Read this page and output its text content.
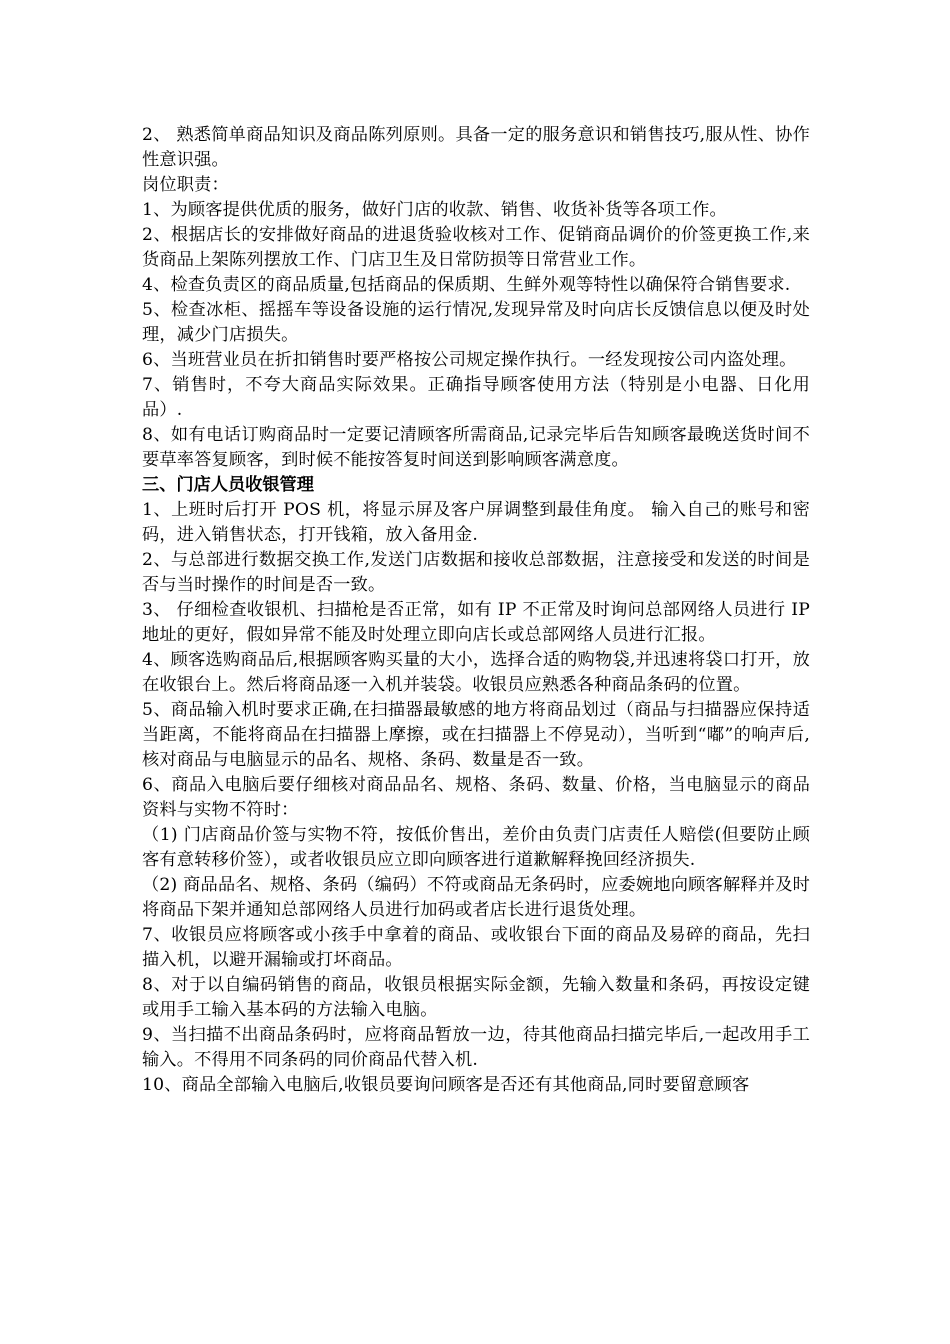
2、 熟悉简单商品知识及商品陈列原则。具备一定的服务意识和销售技巧,服从性、协作性意识强。

岗位职责：

1、为顾客提供优质的服务，做好门店的收款、销售、收货补货等各项工作。

2、根据店长的安排做好商品的进退货验收核对工作、促销商品调价的价签更换工作,来货商品上架陈列摆放工作、门店卫生及日常防损等日常营业工作。

4、检查负责区的商品质量,包括商品的保质期、生鲜外观等特性以确保符合销售要求.

5、检查冰柜、摇摇车等设备设施的运行情况,发现异常及时向店长反馈信息以便及时处理，减少门店损失。

6、当班营业员在折扣销售时要严格按公司规定操作执行。一经发现按公司内盗处理。

7、销售时，不夸大商品实际效果。正确指导顾客使用方法（特别是小电器、日化用品）.

8、如有电话订购商品时一定要记清顾客所需商品,记录完毕后告知顾客最晚送货时间不要草率答复顾客，到时候不能按答复时间送到影响顾客满意度。

三、门店人员收银管理

1、上班时后打开 POS 机，将显示屏及客户屏调整到最佳角度。 输入自己的账号和密码，进入销售状态，打开钱箱，放入备用金.

2、与总部进行数据交换工作,发送门店数据和接收总部数据，注意接受和发送的时间是否与当时操作的时间是否一致。

3、 仔细检查收银机、扫描枪是否正常，如有 IP 不正常及时询问总部网络人员进行 IP 地址的更好，假如异常不能及时处理立即向店长或总部网络人员进行汇报。

4、顾客选购商品后,根据顾客购买量的大小，选择合适的购物袋,并迅速将袋口打开，放在收银台上。然后将商品逐一入机并装袋。收银员应熟悉各种商品条码的位置。

5、商品输入机时要求正确,在扫描器最敏感的地方将商品划过（商品与扫描器应保持适当距离，不能将商品在扫描器上摩擦，或在扫描器上不停晃动），当听到“嘟”的响声后,核对商品与电脑显示的品名、规格、条码、数量是否一致。

6、商品入电脑后要仔细核对商品品名、规格、条码、数量、价格，当电脑显示的商品资料与实物不符时：

（1) 门店商品价签与实物不符，按低价售出，差价由负责门店责任人赔偿(但要防止顾客有意转移价签），或者收银员应立即向顾客进行道歉解释挽回经济损失.

（2) 商品品名、规格、条码（编码）不符或商品无条码时，应委婉地向顾客解释并及时将商品下架并通知总部网络人员进行加码或者店长进行退货处理。

7、收银员应将顾客或小孩手中拿着的商品、或收银台下面的商品及易碎的商品，先扫描入机，以避开漏输或打坏商品。

8、对于以自编码销售的商品，收银员根据实际金额，先输入数量和条码，再按设定键或用手工输入基本码的方法输入电脑。

9、当扫描不出商品条码时，应将商品暂放一边，待其他商品扫描完毕后,一起改用手工输入。不得用不同条码的同价商品代替入机.

10、商品全部输入电脑后,收银员要询问顾客是否还有其他商品,同时要留意顾客
